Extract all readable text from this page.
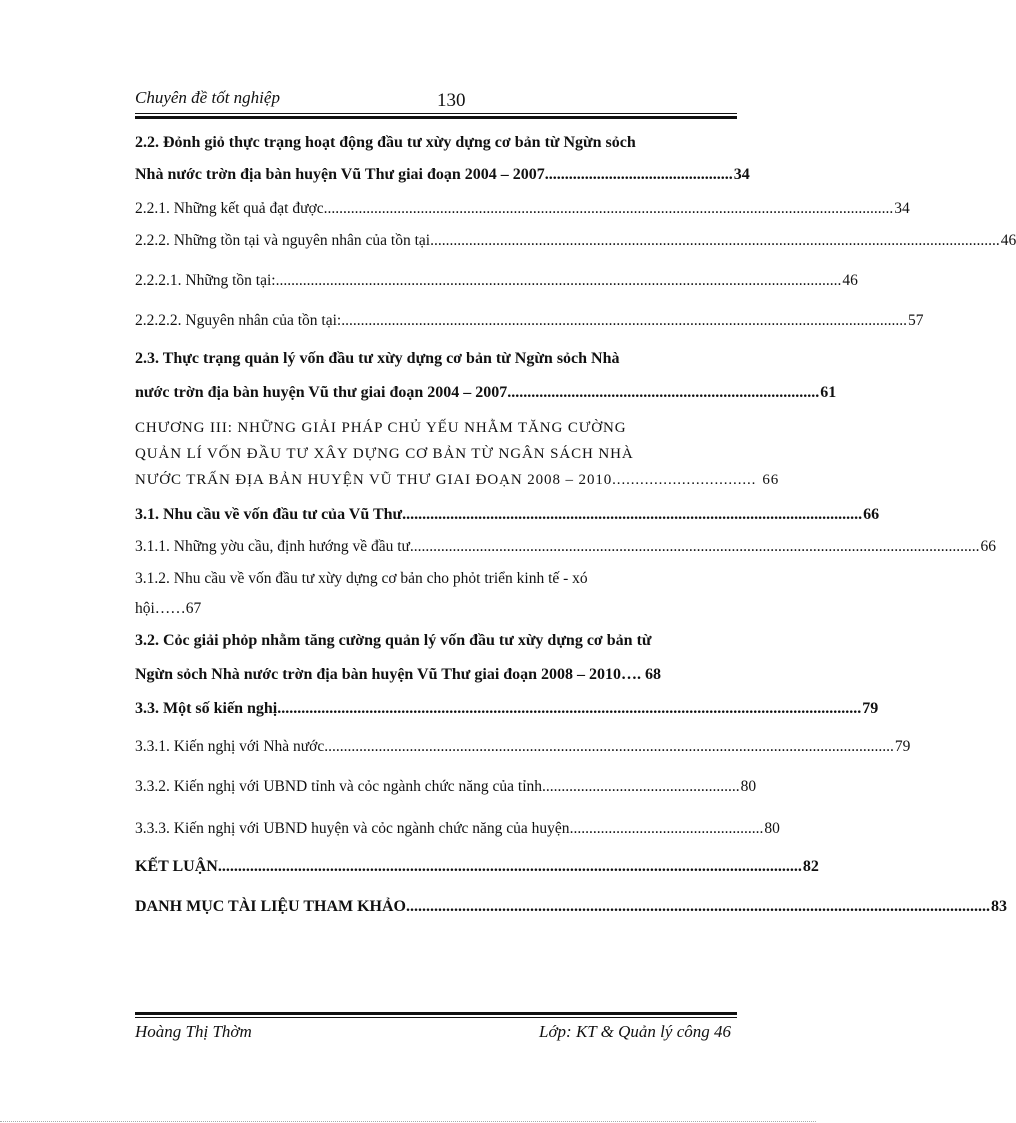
Chuyên đề tốt nghiệp	130
2.2. Đỏnh giỏ thực trạng hoạt động đầu tư xừy dựng cơ bản từ Ngừn sỏch
Nhà nước trờn địa bàn huyện Vũ Thư giai đoạn 2004 – 2007. .............................................. 34
2.2.1. Những kết quả đạt được. .................................................................................................................................................. 34
2.2.2. Những tồn tại và nguyên nhân của tồn tại. .................................................................................................................................................. 46
2.2.2.1. Những tồn tại: .................................................................................................................................................. 46
2.2.2.2. Nguyên nhân của tồn tại: .................................................................................................................................................. 57
2.3. Thực trạng quản lý vốn đầu tư xừy dựng cơ bản từ Ngừn sỏch Nhà
nước trờn địa bàn huyện Vũ thư giai đoạn 2004 – 2007 .............................................................................. 61
CHƯƠNG III: NHỮNG GIẢI PHÁP CHỦ YẾU NHẰM TĂNG CƯỜNG
QUẢN LÍ VỐN ĐẦU TƯ XÂY DỰNG CƠ BẢN TỪ NGÂN SÁCH NHÀ
NƯỚC TRẤN ĐỊA BẢN HUYỆN VŨ THƯ GIAI ĐOẠN 2008 – 2010 ............................... 66
3.1. Nhu cầu về vốn đầu tư của Vũ Thư. .................................................................................................................. 66
3.1.1. Những yờu cầu, định hướng về đầu tư. .................................................................................................................................................. 66
3.1.2. Nhu cầu về vốn đầu tư xừy dựng cơ bản cho phỏt triển kinh tế - xó
hội……67
3.2. Cỏc giải phỏp nhằm tăng cường quản lý vốn đầu tư xừy dựng cơ bản từ
Ngừn sỏch Nhà nước trờn địa bàn huyện Vũ Thư giai đoạn 2008 – 2010…. 68
3.3. Một số kiến nghị .................................................................................................................................................. 79
3.3.1. Kiến nghị với Nhà nước. .................................................................................................................................................. 79
3.3.2. Kiến nghị với UBND tỉnh và cỏc ngành chức năng của tỉnh. .................................................. 80
3.3.3. Kiến nghị với UBND huyện và cỏc ngành chức năng của huyện .................................................. 80
KẾT LUẬN .................................................................................................................................................. 82
DANH MỤC TÀI LIỆU THAM KHẢO .................................................................................................................................................. 83
Hoàng Thị Thờm	Lớp: KT & Quản lý công 46
